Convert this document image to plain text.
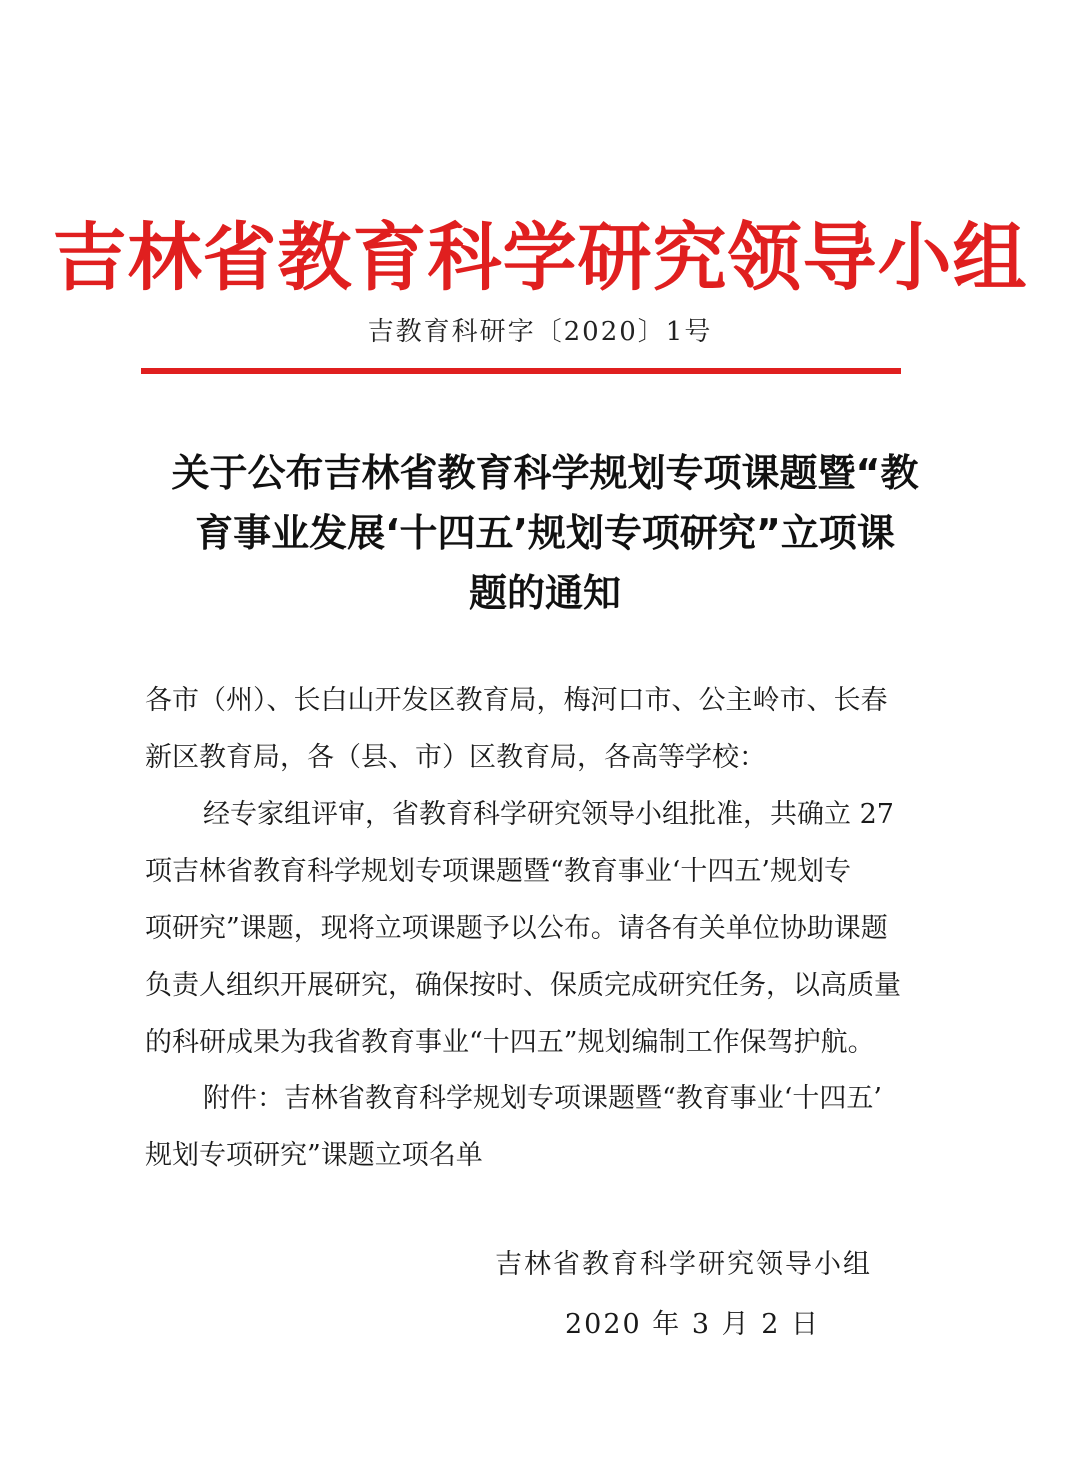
吉林省教育科学研究领导小组
吉教育科研字〔2020〕1号
关于公布吉林省教育科学规划专项课题暨“教
育事业发展‘十四五’规划专项研究”立项课
题的通知
各市（州）、长白山开发区教育局，梅河口市、公主岭市、长春
新区教育局，各（县、市）区教育局，各高等学校：
经专家组评审，省教育科学研究领导小组批准，共确立 27
项吉林省教育科学规划专项课题暨“教育事业‘十四五’规划专
项研究”课题，现将立项课题予以公布。请各有关单位协助课题
负责人组织开展研究，确保按时、保质完成研究任务，以高质量
的科研成果为我省教育事业“十四五”规划编制工作保驾护航。
附件：吉林省教育科学规划专项课题暨“教育事业‘十四五’
规划专项研究”课题立项名单
吉林省教育科学研究领导小组
2020 年 3 月 2 日
